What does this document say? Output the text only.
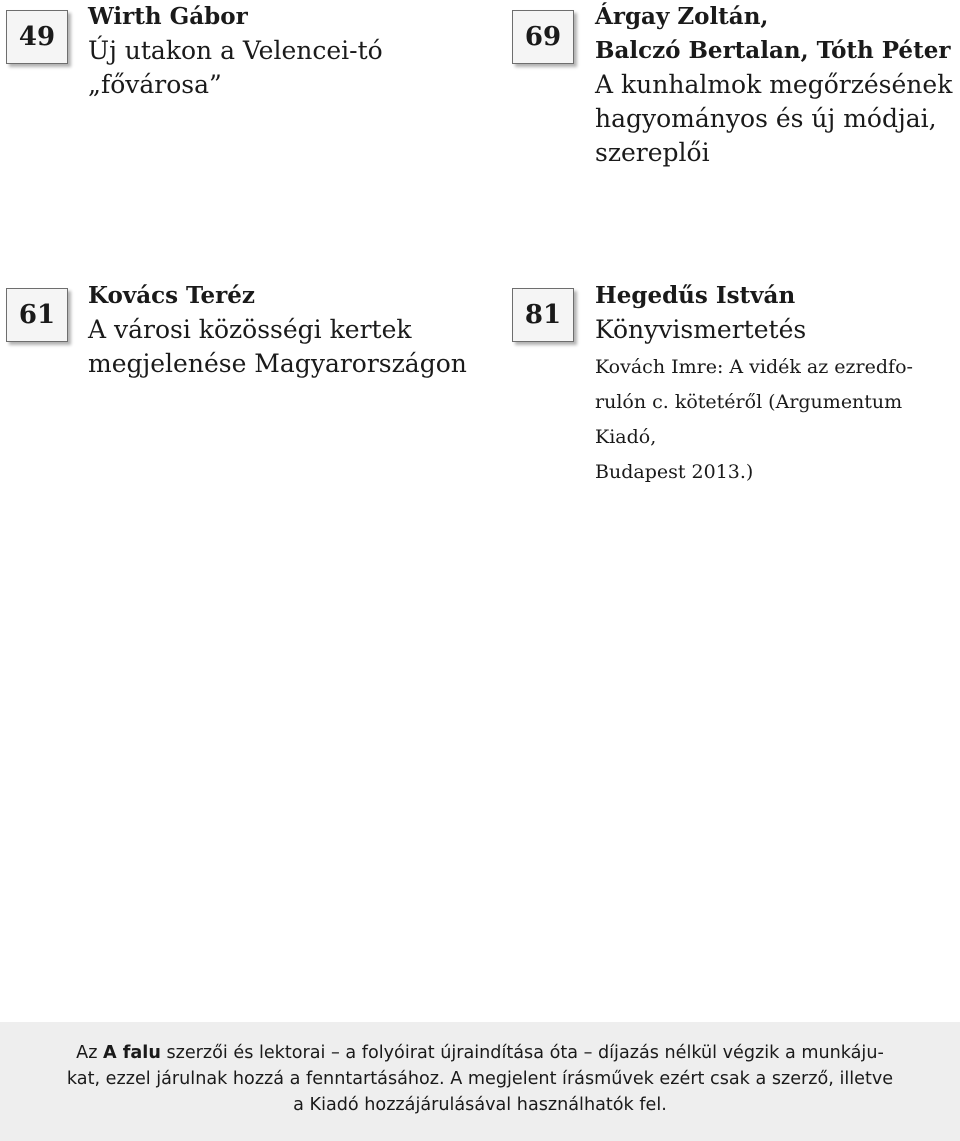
49
Wirth Gábor
Új utakon a Velencei-tó
„fővárosa”
69
Árgay Zoltán,
Balczó Bertalan, Tóth Péter
A kunhalmok megőrzésének
hagyományos és új módjai,
szereplői
61
Kovács Teréz
A városi közösségi kertek
megjelenése Magyarországon
81
Hegedűs István
Könyvismertetés
Kovách Imre: A vidék az ezredfo-
rulón c. kötetéről (Argumentum
Kiadó,
Budapest 2013.)
Az A falu szerzői és lektorai – a folyóirat újraindítása óta – díjazás nélkül végzik a munkáju-
kat, ezzel járulnak hozzá a fenntartásához. A megjelent írásművek ezért csak a szerző, illetve
a Kiadó hozzájárulásával használhatók fel.
